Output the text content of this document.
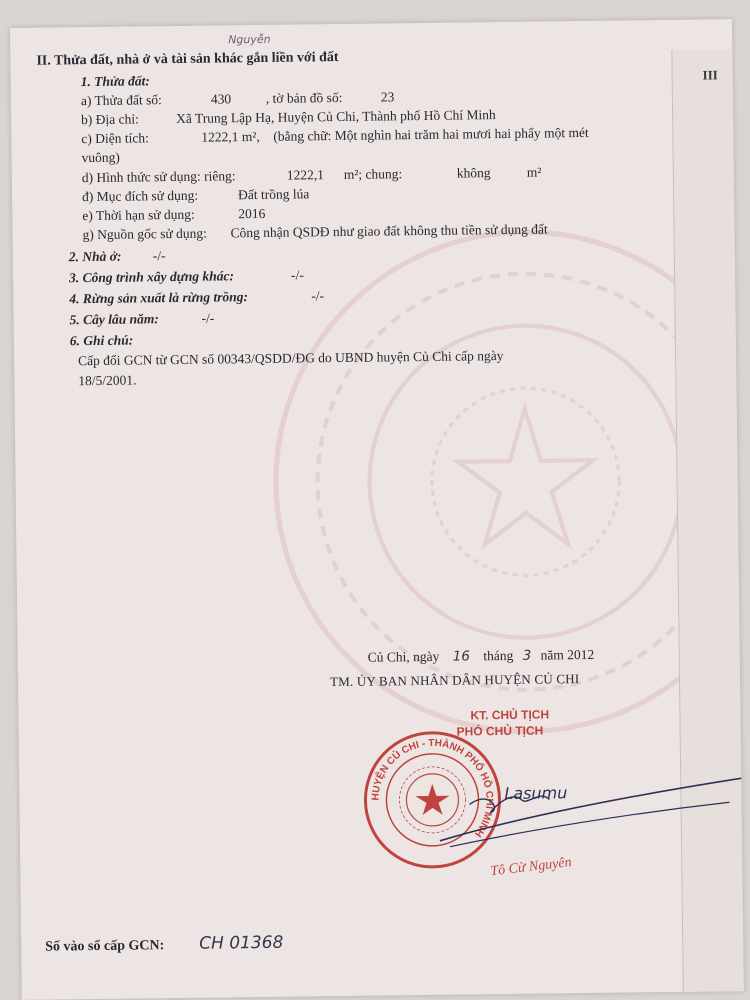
III
Nguyễn
II. Thửa đất, nhà ở và tài sản khác gắn liền với đất
1. Thửa đất:
a) Thửa đất số:	430	, tờ bản đồ số:	23
b) Địa chỉ:	Xã Trung Lập Hạ, Huyện Củ Chi, Thành phố Hồ Chí Minh
c) Diện tích:	1222,1 m², (bằng chữ: Một nghìn hai trăm hai mươi hai phẩy một mét
vuông)
d) Hình thức sử dụng: riêng:	1222,1 m²; chung:	không	m²
đ) Mục đích sử dụng:	Đất trồng lúa
e) Thời hạn sử dụng:	2016
g) Nguồn gốc sử dụng: Công nhận QSDĐ như giao đất không thu tiền sử dụng đất
2. Nhà ở: -/-
3. Công trình xây dựng khác:	-/-
4. Rừng sản xuất là rừng trồng:	-/-
5. Cây lâu năm:	-/-
6. Ghi chú:
Cấp đổi GCN từ GCN số 00343/QSDD/ĐG do UBND huyện Củ Chi cấp ngày
18/5/2001.
Củ Chi, ngày 16 tháng 3 năm 2012
TM. ỦY BAN NHÂN DÂN HUYỆN CỦ CHI
KT. CHỦ TỊCH
PHÓ CHỦ TỊCH
HUYỆN CỦ CHI - THÀNH PHỐ HỒ CHÍ MINH
Lasumu
Tô Cừ Nguyên
Số vào sổ cấp GCN: CH 01368
